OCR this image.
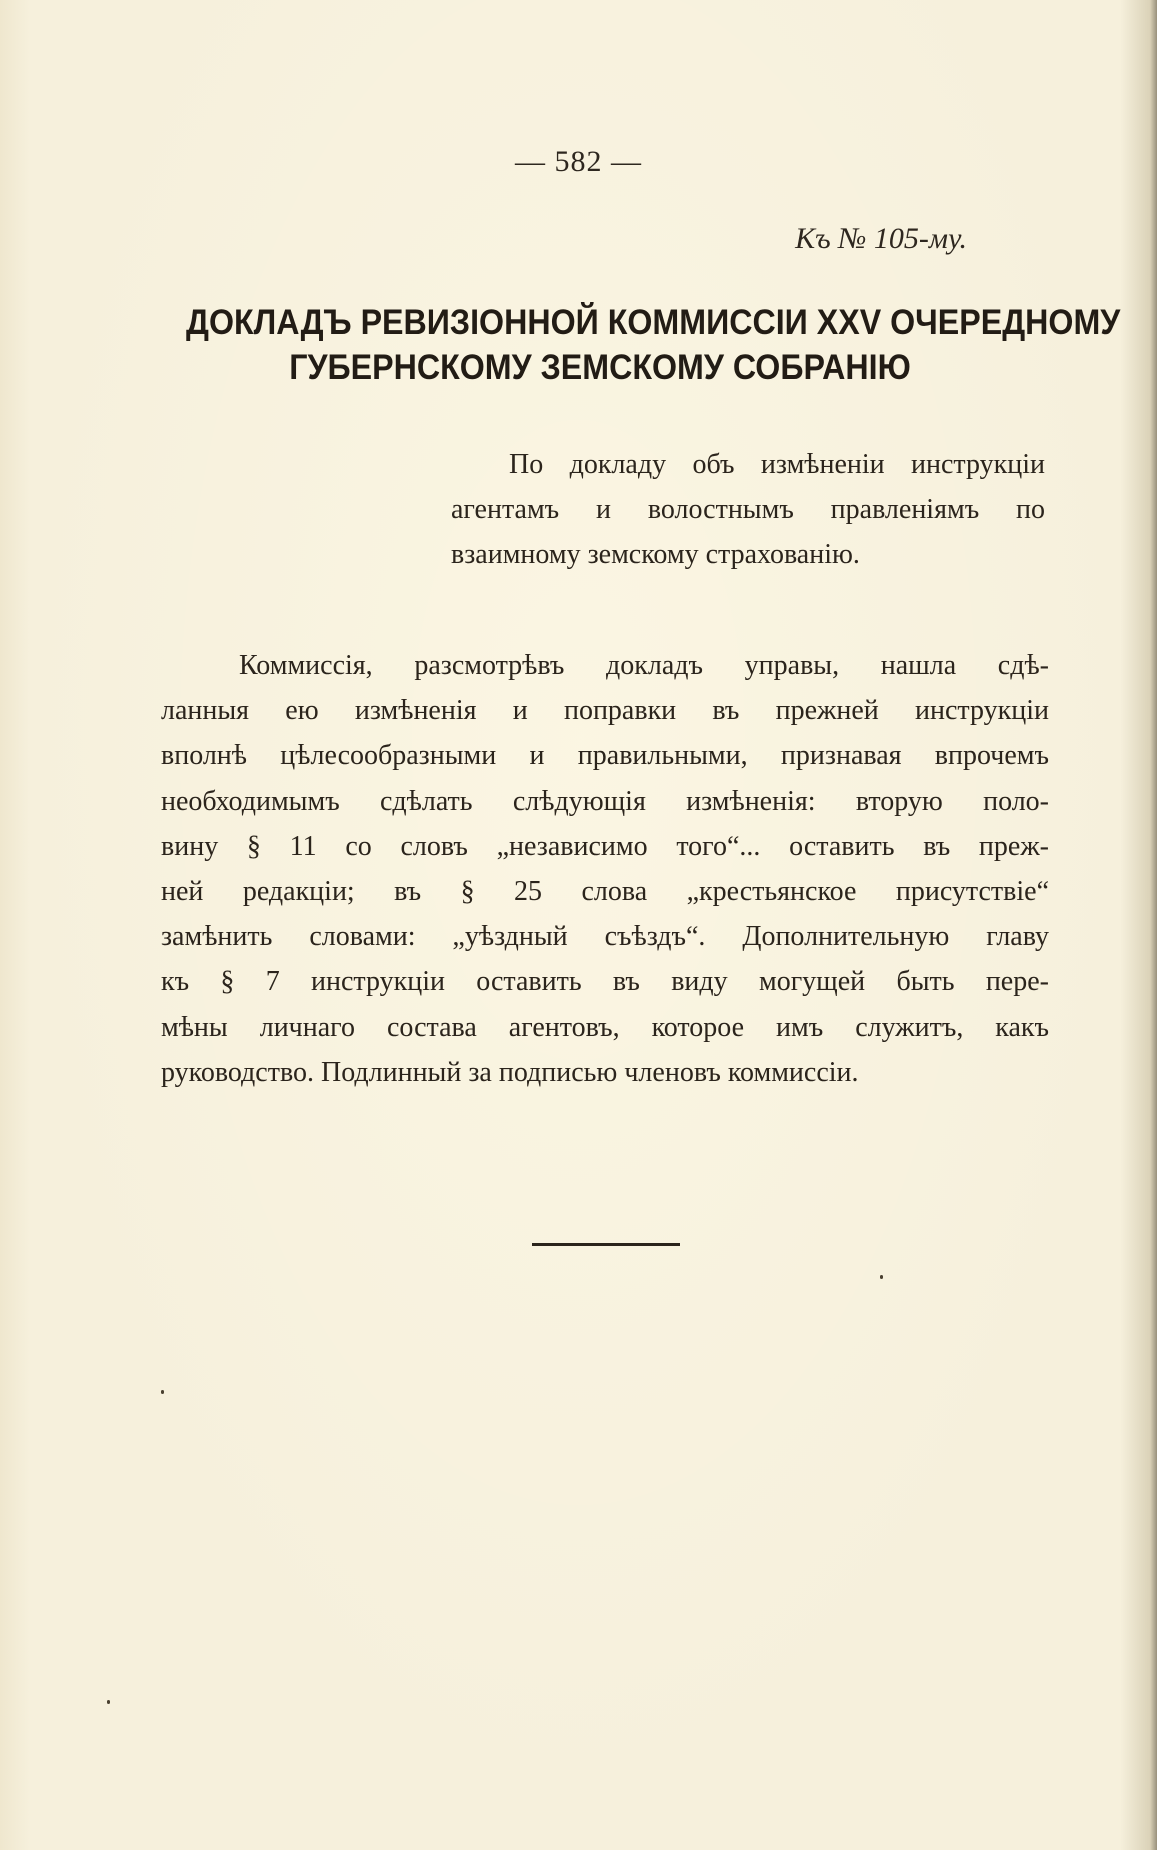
— 582 —
Къ № 105-му.
ДОКЛАДЪ РЕВИЗІОННОЙ КОММИССІИ XXV ОЧЕРЕДНОМУ
ГУБЕРНСКОМУ ЗЕМСКОМУ СОБРАНІЮ
По докладу объ измѣненіи инструкціи
агентамъ и волостнымъ правленіямъ по
взаимному земскому страхованію.
Коммиссія, разсмотрѣвъ докладъ управы, нашла сдѣ-
ланныя ею измѣненія и поправки въ прежней инструкціи
вполнѣ цѣлесообразными и правильными, признавая впрочемъ
необходимымъ сдѣлать слѣдующія измѣненія: вторую поло-
вину § 11 со словъ „независимо того“... оставить въ преж-
ней редакціи; въ § 25 слова „крестьянское присутствіе“
замѣнить словами: „уѣздный съѣздъ“. Дополнительную главу
къ § 7 инструкціи оставить въ виду могущей быть пере-
мѣны личнаго состава агентовъ, которое имъ служитъ, какъ
руководство. Подлинный за подписью членовъ коммиссіи.
